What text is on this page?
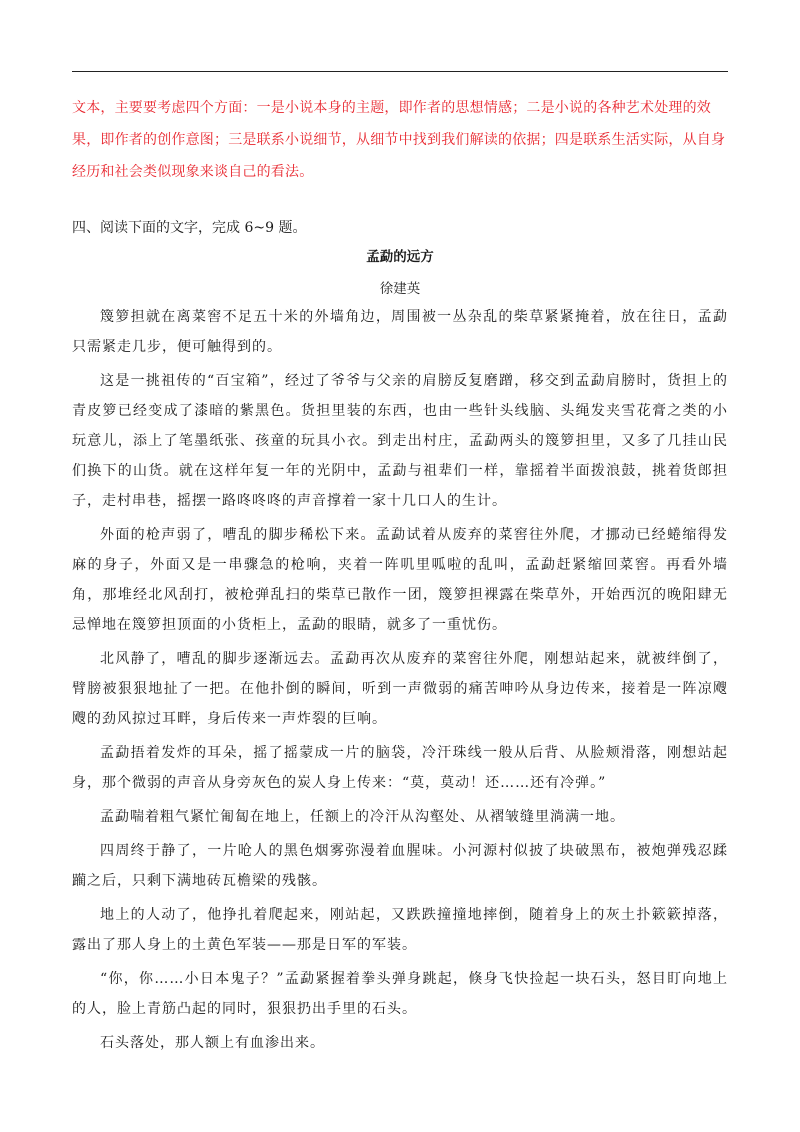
文本，主要要考虑四个方面：一是小说本身的主题，即作者的思想情感；二是小说的各种艺术处理的效

果，即作者的创作意图；三是联系小说细节，从细节中找到我们解读的依据；四是联系生活实际，从自身

经历和社会类似现象来谈自己的看法。

四、阅读下面的文字，完成 6~9 题。

孟勐的远方

徐建英

篾箩担就在离菜窖不足五十米的外墙角边，周围被一丛杂乱的柴草紧紧掩着，放在往日，孟勐只需紧走几步，便可触得到的。

这是一挑祖传的“百宝箱”，经过了爷爷与父亲的肩膀反复磨蹭，移交到孟勐肩膀时，货担上的青皮箩已经变成了漆暗的紫黑色。货担里装的东西，也由一些针头线脑、头绳发夹雪花膏之类的小玩意儿，添上了笔墨纸张、孩童的玩具小衣。到走出村庄，孟勐两头的篾箩担里，又多了几挂山民们换下的山货。就在这样年复一年的光阴中，孟勐与祖辈们一样，靠摇着半面拨浪鼓，挑着货郎担子，走村串巷，摇摆一路咚咚咚的声音撑着一家十几口人的生计。

外面的枪声弱了，嘈乱的脚步稀松下来。孟勐试着从废弃的菜窖往外爬，才挪动已经蜷缩得发麻的身子，外面又是一串骤急的枪响，夹着一阵叽里呱啦的乱叫，孟勐赶紧缩回菜窖。再看外墙角，那堆经北风刮打，被枪弹乱扫的柴草已散作一团，篾箩担裸露在柴草外，开始西沉的晚阳肆无忌惮地在篾箩担顶面的小货柜上，孟勐的眼睛，就多了一重忧伤。

北风静了，嘈乱的脚步逐渐远去。孟勐再次从废弃的菜窖往外爬，刚想站起来，就被绊倒了，臂膀被狠狠地扯了一把。在他扑倒的瞬间，听到一声微弱的痛苦呻吟从身边传来，接着是一阵凉飕飕的劲风掠过耳畔，身后传来一声炸裂的巨响。

孟勐捂着发炸的耳朵，摇了摇蒙成一片的脑袋，冷汗珠线一般从后背、从脸颊滑落，刚想站起身，那个微弱的声音从身旁灰色的炭人身上传来：“莫，莫动！还……还有冷弹。”

孟勐喘着粗气紧忙匍匐在地上，任额上的冷汗从沟壑处、从褶皱缝里淌满一地。

四周终于静了，一片呛人的黑色烟雾弥漫着血腥味。小河源村似披了块破黑布，被炮弹残忍蹂躏之后，只剩下满地砖瓦檐梁的残骸。

地上的人动了，他挣扎着爬起来，刚站起，又跌跌撞撞地摔倒，随着身上的灰土扑簌簌掉落，露出了那人身上的土黄色军装——那是日军的军装。

“你，你……小日本鬼子？”孟勐紧握着拳头弹身跳起，倏身飞快捡起一块石头，怒目盯向地上的人，脸上青筋凸起的同时，狠狠扔出手里的石头。

石头落处，那人额上有血渗出来。
